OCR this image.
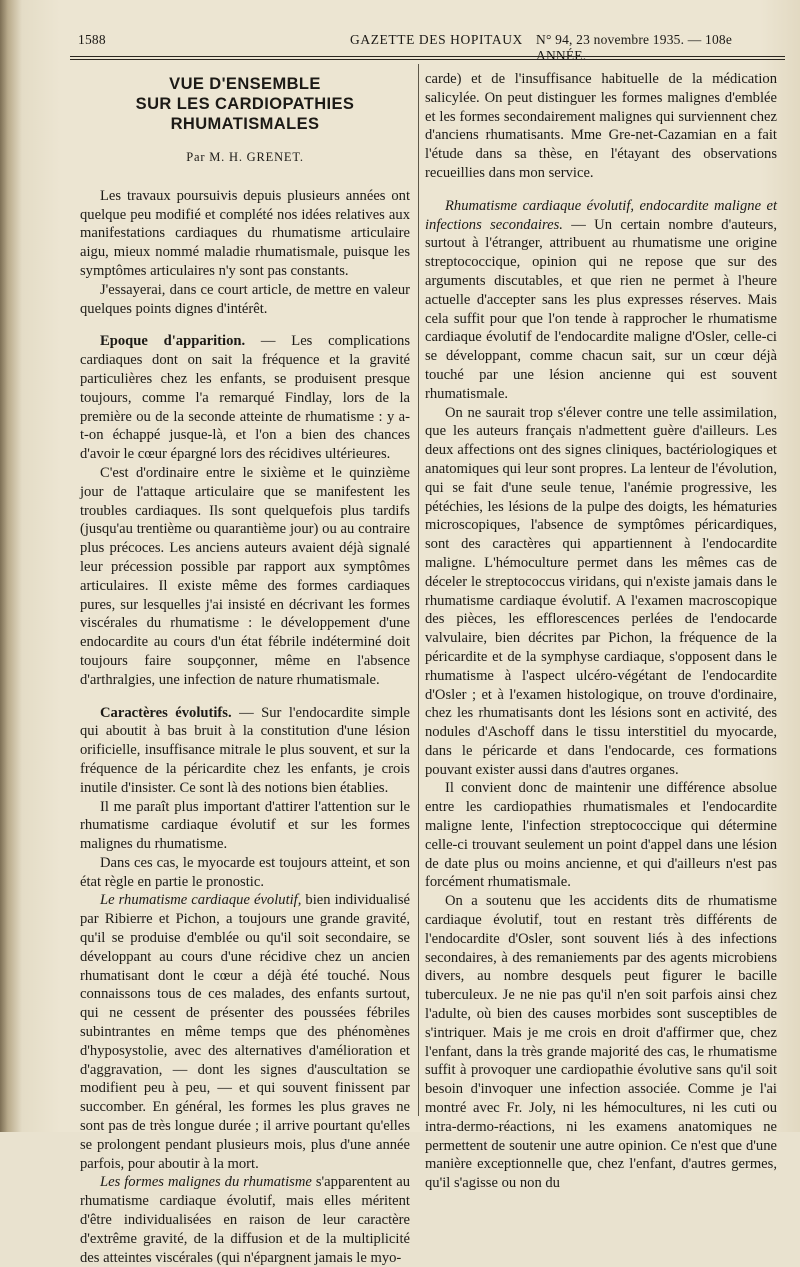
1588	GAZETTE DES HOPITAUX N° 94, 23 novembre 1935. — 108e ANNÉE.
VUE D'ENSEMBLE
SUR LES CARDIOPATHIES RHUMATISMALES
Par M. H. GRENET.

Les travaux poursuivis depuis plusieurs années ont quelque peu modifié et complété nos idées relatives aux manifestations cardiaques du rhumatisme articulaire aigu, mieux nommé maladie rhumatismale, puisque les symptômes articulaires n'y sont pas constants.

J'essayerai, dans ce court article, de mettre en valeur quelques points dignes d'intérêt.

Epoque d'apparition. — Les complications cardiaques dont on sait la fréquence et la gravité particulières chez les enfants, se produisent presque toujours, comme l'a remarqué Findlay, lors de la première ou de la seconde atteinte de rhumatisme : y a-t-on échappé jusque-là, et l'on a bien des chances d'avoir le cœur épargné lors des récidives ultérieures.

C'est d'ordinaire entre le sixième et le quinzième jour de l'attaque articulaire que se manifestent les troubles cardiaques. Ils sont quelquefois plus tardifs (jusqu'au trentième ou quarantième jour) ou au contraire plus précoces. Les anciens auteurs avaient déjà signalé leur précession possible par rapport aux symptômes articulaires. Il existe même des formes cardiaques pures, sur lesquelles j'ai insisté en décrivant les formes viscérales du rhumatisme : le développement d'une endocardite au cours d'un état fébrile indéterminé doit toujours faire soupçonner, même en l'absence d'arthralgies, une infection de nature rhumatismale.

Caractères évolutifs. — Sur l'endocardite simple qui aboutit à bas bruit à la constitution d'une lésion orificielle, insuffisance mitrale le plus souvent, et sur la fréquence de la péricardite chez les enfants, je crois inutile d'insister. Ce sont là des notions bien établies.

Il me paraît plus important d'attirer l'attention sur le rhumatisme cardiaque évolutif et sur les formes malignes du rhumatisme.

Dans ces cas, le myocarde est toujours atteint, et son état règle en partie le pronostic.

Le rhumatisme cardiaque évolutif, bien individualisé par Ribierre et Pichon, a toujours une grande gravité, qu'il se produise d'emblée ou qu'il soit secondaire, se développant au cours d'une récidive chez un ancien rhumatisant dont le cœur a déjà été touché. Nous connaissons tous de ces malades, des enfants surtout, qui ne cessent de présenter des poussées fébriles subintrantes en même temps que des phénomènes d'hyposystolie, avec des alternatives d'amélioration et d'aggravation, — dont les signes d'auscultation se modifient peu à peu, — et qui souvent finissent par succomber. En général, les formes les plus graves ne sont pas de très longue durée ; il arrive pourtant qu'elles se prolongent pendant plusieurs mois, plus d'une année parfois, pour aboutir à la mort.

Les formes malignes du rhumatisme s'apparentent au rhumatisme cardiaque évolutif, mais elles méritent d'être individualisées en raison de leur caractère d'extrême gravité, de la diffusion et de la multiplicité des atteintes viscérales (qui n'épargnent jamais le myo-

carde) et de l'insuffisance habituelle de la médication salicylée. On peut distinguer les formes malignes d'emblée et les formes secondairement malignes qui surviennent chez d'anciens rhumatisants. Mme Gre-net-Cazamian en a fait l'étude dans sa thèse, en l'étayant des observations recueillies dans mon service.

Rhumatisme cardiaque évolutif, endocardite maligne et infections secondaires. — Un certain nombre d'auteurs, surtout à l'étranger, attribuent au rhumatisme une origine streptococcique, opinion qui ne repose que sur des arguments discutables, et que rien ne permet à l'heure actuelle d'accepter sans les plus expresses réserves. Mais cela suffit pour que l'on tende à rapprocher le rhumatisme cardiaque évolutif de l'endocardite maligne d'Osler, celle-ci se développant, comme chacun sait, sur un cœur déjà touché par une lésion ancienne qui est souvent rhumatismale.

On ne saurait trop s'élever contre une telle assimilation, que les auteurs français n'admettent guère d'ailleurs. Les deux affections ont des signes cliniques, bactériologiques et anatomiques qui leur sont propres. La lenteur de l'évolution, qui se fait d'une seule tenue, l'anémie progressive, les pétéchies, les lésions de la pulpe des doigts, les hématuries microscopiques, l'absence de symptômes péricardiques, sont des caractères qui appartiennent à l'endocardite maligne. L'hémoculture permet dans les mêmes cas de déceler le streptococcus viridans, qui n'existe jamais dans le rhumatisme cardiaque évolutif. A l'examen macroscopique des pièces, les efflorescences perlées de l'endocarde valvulaire, bien décrites par Pichon, la fréquence de la péricardite et de la symphyse cardiaque, s'opposent dans le rhumatisme à l'aspect ulcéro-végétant de l'endocardite d'Osler ; et à l'examen histologique, on trouve d'ordinaire, chez les rhumatisants dont les lésions sont en activité, des nodules d'Aschoff dans le tissu interstitiel du myocarde, dans le péricarde et dans l'endocarde, ces formations pouvant exister aussi dans d'autres organes.

Il convient donc de maintenir une différence absolue entre les cardiopathies rhumatismales et l'endocardite maligne lente, l'infection streptococcique qui détermine celle-ci trouvant seulement un point d'appel dans une lésion de date plus ou moins ancienne, et qui d'ailleurs n'est pas forcément rhumatismale.

On a soutenu que les accidents dits de rhumatisme cardiaque évolutif, tout en restant très différents de l'endocardite d'Osler, sont souvent liés à des infections secondaires, à des remaniements par des agents microbiens divers, au nombre desquels peut figurer le bacille tuberculeux. Je ne nie pas qu'il n'en soit parfois ainsi chez l'adulte, où bien des causes morbides sont susceptibles de s'intriquer. Mais je me crois en droit d'affirmer que, chez l'enfant, dans la très grande majorité des cas, le rhumatisme suffit à provoquer une cardiopathie évolutive sans qu'il soit besoin d'invoquer une infection associée. Comme je l'ai montré avec Fr. Joly, ni les hémocultures, ni les cuti ou intra-dermo-réactions, ni les examens anatomiques ne permettent de soutenir une autre opinion. Ce n'est que d'une manière exceptionnelle que, chez l'enfant, d'autres germes, qu'il s'agisse ou non du
